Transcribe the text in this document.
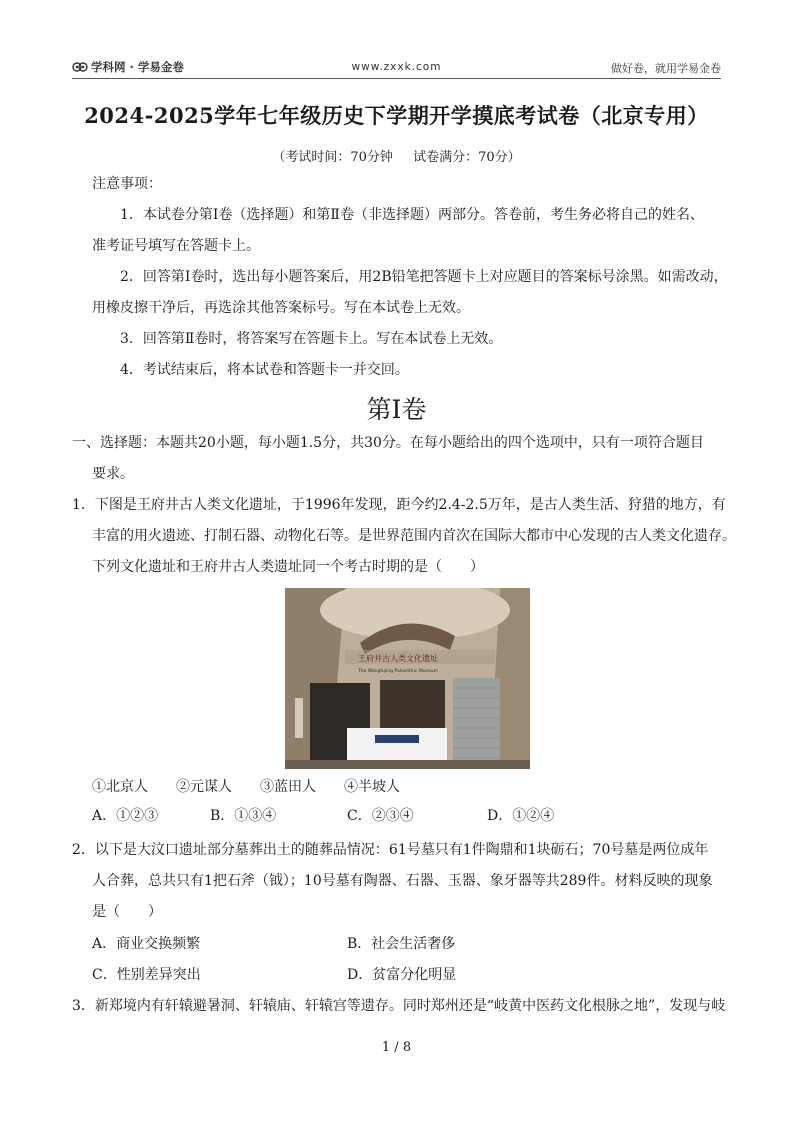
学科网 · 学易金卷	www.zxxk.com	做好卷，就用学易金卷
2024-2025学年七年级历史下学期开学摸底考试卷（北京专用）
（考试时间：70分钟 试卷满分：70分）
注意事项：
1．本试卷分第Ⅰ卷（选择题）和第Ⅱ卷（非选择题）两部分。答卷前，考生务必将自己的姓名、
准考证号填写在答题卡上。
2．回答第Ⅰ卷时，选出每小题答案后，用2B铅笔把答题卡上对应题目的答案标号涂黑。如需改动，
用橡皮擦干净后，再选涂其他答案标号。写在本试卷上无效。
3．回答第Ⅱ卷时，将答案写在答题卡上。写在本试卷上无效。
4．考试结束后，将本试卷和答题卡一并交回。
第Ⅰ卷
一、选择题：本题共20小题，每小题1.5分，共30分。在每小题给出的四个选项中，只有一项符合题目
要求。
1．下图是王府井古人类文化遗址，于1996年发现，距今约2.4-2.5万年，是古人类生活、狩猎的地方，有
丰富的用火遗迹、打制石器、动物化石等。是世界范围内首次在国际大都市中心发现的古人类文化遗存。
下列文化遗址和王府井古人类遗址同一个考古时期的是（　　）
王府井古人类文化遗址
The Wangfujing Paleolithic Museum
①北京人　　②元谋人　　③蓝田人　　④半坡人
A．①②③	B．①③④	C．②③④	D．①②④
2．以下是大汶口遗址部分墓葬出土的随葬品情况：61号墓只有1件陶鼎和1块砺石；70号墓是两位成年
人合葬，总共只有1把石斧（钺）；10号墓有陶器、石器、玉器、象牙器等共289件。材料反映的现象
是（　　）
A．商业交换频繁	B．社会生活奢侈
C．性别差异突出	D．贫富分化明显
3．新郑境内有轩辕避暑洞、轩辕庙、轩辕宫等遗存。同时郑州还是“岐黄中医药文化根脉之地”，发现与岐
1 / 8
